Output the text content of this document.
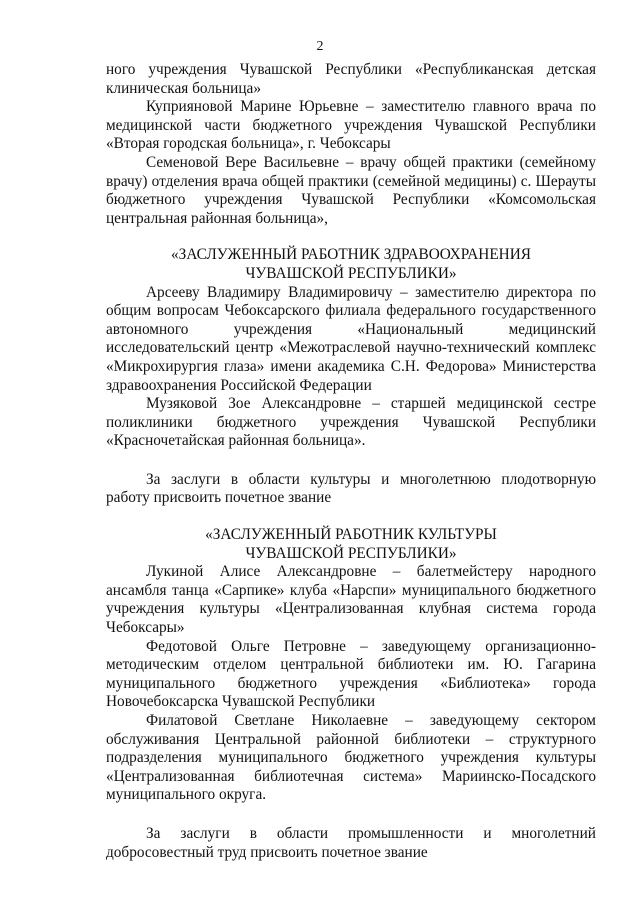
2

ного учреждения Чувашской Республики «Республиканская детская клиническая больница»

Куприяновой Марине Юрьевне – заместителю главного врача по медицинской части бюджетного учреждения Чувашской Республики «Вторая городская больница», г. Чебоксары

Семеновой Вере Васильевне – врачу общей практики (семейному врачу) отделения врача общей практики (семейной медицины) с. Шерауты бюджетного учреждения Чувашской Республики «Комсомольская центральная районная больница»,

«ЗАСЛУЖЕННЫЙ РАБОТНИК ЗДРАВООХРАНЕНИЯ

ЧУВАШСКОЙ РЕСПУБЛИКИ»

Арсееву Владимиру Владимировичу – заместителю директора по общим вопросам Чебоксарского филиала федерального государственного автономного учреждения «Национальный медицинский исследовательский центр «Межотраслевой научно-технический комплекс «Микрохирургия глаза» имени академика С.Н. Федорова» Министерства здравоохранения Российской Федерации

Музяковой Зое Александровне – старшей медицинской сестре поликлиники бюджетного учреждения Чувашской Республики «Красночетайская районная больница».

За заслуги в области культуры и многолетнюю плодотворную работу присвоить почетное звание

«ЗАСЛУЖЕННЫЙ РАБОТНИК КУЛЬТУРЫ

ЧУВАШСКОЙ РЕСПУБЛИКИ»

Лукиной Алисе Александровне – балетмейстеру народного ансамбля танца «Сарпике» клуба «Нарспи» муниципального бюджетного учреждения культуры «Централизованная клубная система города Чебоксары»

Федотовой Ольге Петровне – заведующему организационно-методическим отделом центральной библиотеки им. Ю. Гагарина муниципального бюджетного учреждения «Библиотека» города Новочебоксарска Чувашской Республики

Филатовой Светлане Николаевне – заведующему сектором обслуживания Центральной районной библиотеки – структурного подразделения муниципального бюджетного учреждения культуры «Централизованная библиотечная система» Мариинско-Посадского муниципального округа.

За заслуги в области промышленности и многолетний добросовестный труд присвоить почетное звание
